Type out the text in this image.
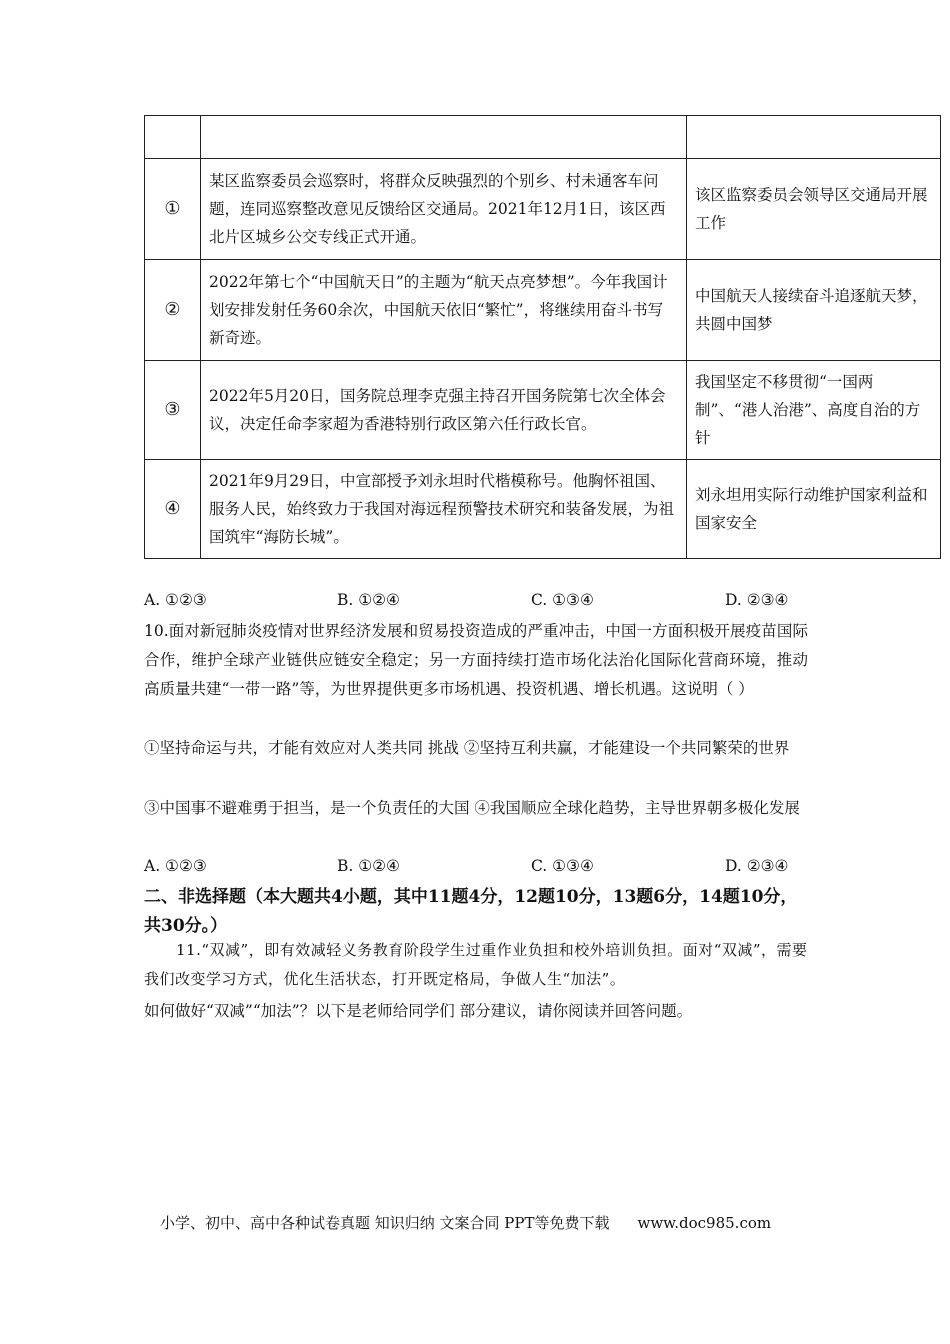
①	某区监察委员会巡察时，将群众反映强烈的个别乡、村未通客车问题，连同巡察整改意见反馈给区交通局。2021年12月1日，该区西北片区城乡公交专线正式开通。	该区监察委员会领导区交通局开展工作
②	2022年第七个“中国航天日”的主题为“航天点亮梦想”。今年我国计划安排发射任务60余次，中国航天依旧“繁忙”，将继续用奋斗书写新奇迹。	中国航天人接续奋斗追逐航天梦，共圆中国梦
③	2022年5月20日，国务院总理李克强主持召开国务院第七次全体会议，决定任命李家超为香港特别行政区第六任行政长官。	我国坚定不移贯彻“一国两制”、“港人治港”、高度自治的方针
④	2021年9月29日，中宣部授予刘永坦时代楷模称号。他胸怀祖国、服务人民，始终致力于我国对海远程预警技术研究和装备发展，为祖国筑牢“海防长城”。	刘永坦用实际行动维护国家利益和国家安全
A. ①②③	B. ①②④	C. ①③④	D. ②③④

10.面对新冠肺炎疫情对世界经济发展和贸易投资造成的严重冲击，中国一方面积极开展疫苗国际合作，维护全球产业链供应链安全稳定；另一方面持续打造市场化法治化国际化营商环境，推动高质量共建“一带一路”等，为世界提供更多市场机遇、投资机遇、增长机遇。这说明（ ）

①坚持命运与共，才能有效应对人类共同 挑战 ②坚持互利共赢，才能建设一个共同繁荣的世界

③中国事不避难勇于担当，是一个负责任的大国 ④我国顺应全球化趋势，主导世界朝多极化发展

A. ①②③	B. ①②④	C. ①③④	D. ②③④

二、非选择题（本大题共4小题，其中11题4分，12题10分，13题6分，14题10分，共30分。）

11.“双减”，即有效减轻义务教育阶段学生过重作业负担和校外培训负担。面对“双减”，需要我们改变学习方式，优化生活状态，打开既定格局，争做人生“加法”。

如何做好“双减”“加法”？以下是老师给同学们 部分建议，请你阅读并回答问题。

小学、初中、高中各种试卷真题 知识归纳 文案合同 PPT等免费下载 www.doc985.com
